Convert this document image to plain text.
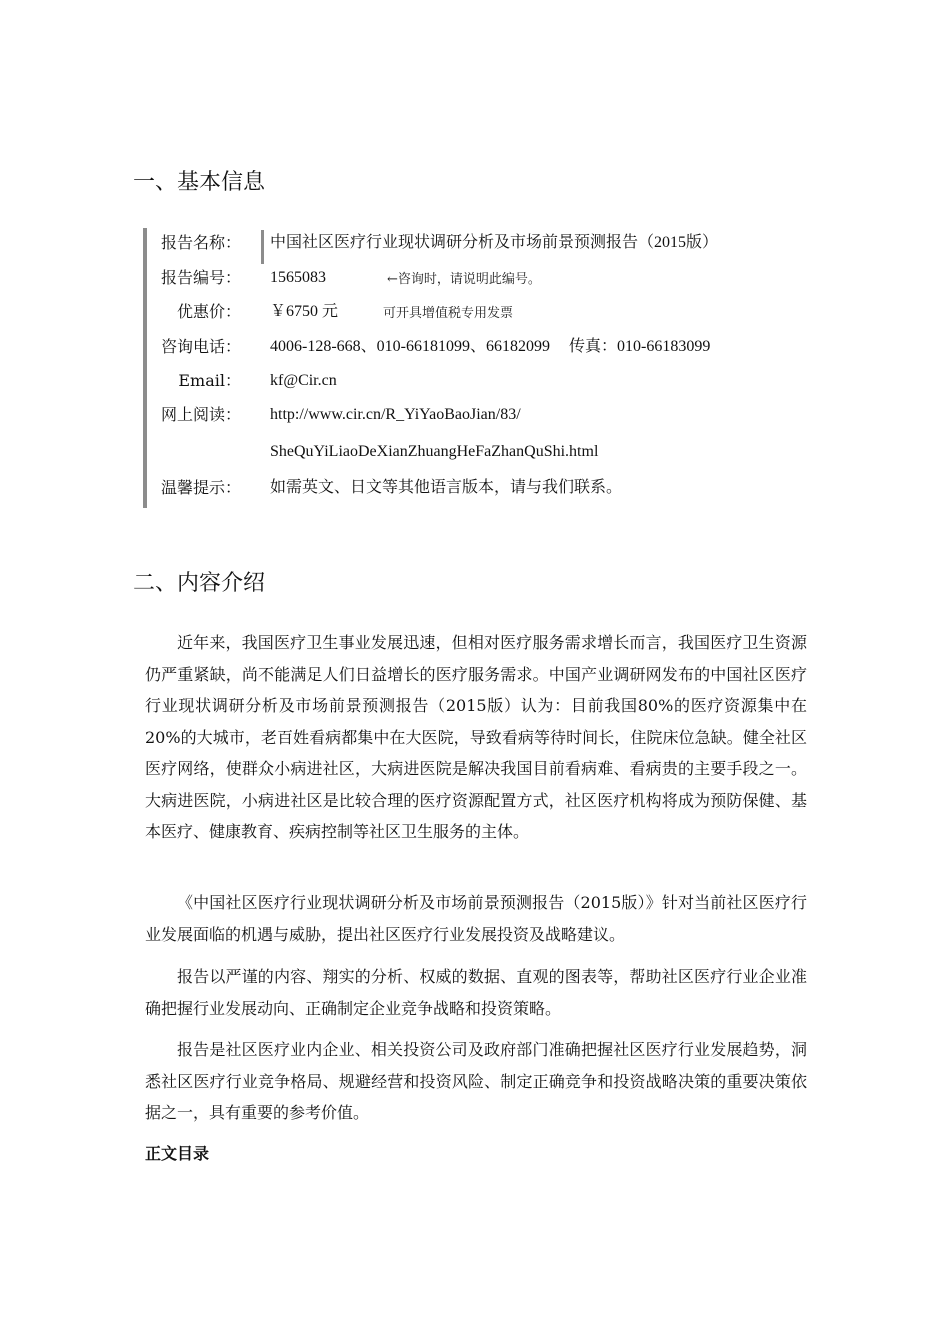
一、基本信息
报告名称： 中国社区医疗行业现状调研分析及市场前景预测报告（2015版）
报告编号： 1565083	←咨询时，请说明此编号。
优惠价： ￥6750 元	可开具增值税专用发票
咨询电话： 4006-128-668、010-66181099、66182099 传真：010-66183099
Email： kf@Cir.cn
网上阅读： http://www.cir.cn/R_YiYaoBaoJian/83/
SheQuYiLiaoDeXianZhuangHeFaZhanQuShi.html
温馨提示： 如需英文、日文等其他语言版本，请与我们联系。
二、内容介绍

近年来，我国医疗卫生事业发展迅速，但相对医疗服务需求增长而言，我国医疗卫生资源仍严重紧缺，尚不能满足人们日益增长的医疗服务需求。中国产业调研网发布的中国社区医疗行业现状调研分析及市场前景预测报告（2015版）认为：目前我国80%的医疗资源集中在20%的大城市，老百姓看病都集中在大医院，导致看病等待时间长，住院床位急缺。健全社区医疗网络，使群众小病进社区，大病进医院是解决我国目前看病难、看病贵的主要手段之一。大病进医院，小病进社区是比较合理的医疗资源配置方式，社区医疗机构将成为预防保健、基本医疗、健康教育、疾病控制等社区卫生服务的主体。

《中国社区医疗行业现状调研分析及市场前景预测报告（2015版）》针对当前社区医疗行业发展面临的机遇与威胁，提出社区医疗行业发展投资及战略建议。

报告以严谨的内容、翔实的分析、权威的数据、直观的图表等，帮助社区医疗行业企业准确把握行业发展动向、正确制定企业竞争战略和投资策略。

报告是社区医疗业内企业、相关投资公司及政府部门准确把握社区医疗行业发展趋势，洞悉社区医疗行业竞争格局、规避经营和投资风险、制定正确竞争和投资战略决策的重要决策依据之一，具有重要的参考价值。

正文目录
